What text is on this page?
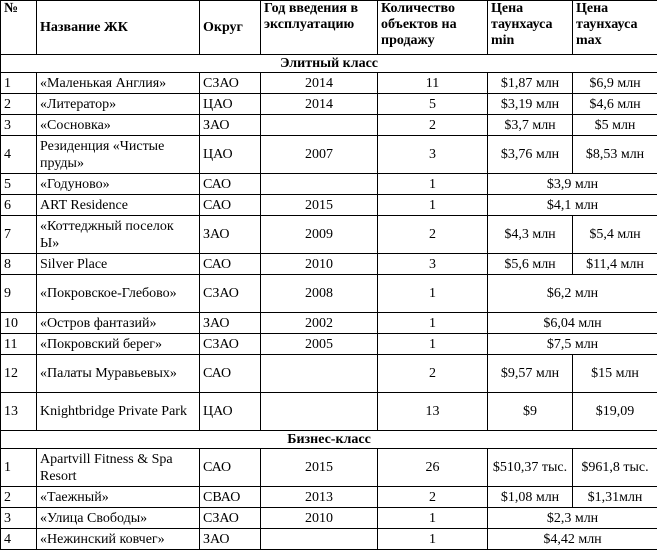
№	Название ЖК	Округ	Год введения в эксплуатацию	Количество объектов на продажу	Цена таунхауса min	Цена таунхауса max
Элитный класс						
1	«Маленькая Англия»	СЗАО	2014	11	$1,87 млн	$6,9 млн
2	«Литератор»	ЦАО	2014	5	$3,19 млн	$4,6 млн
3	«Сосновка»	ЗАО		2	$3,7 млн	$5 млн
4	Резиденция «Чистые пруды»	ЦАО	2007	3	$3,76 млн	$8,53 млн
5	«Годуново»	САО		1	$3,9 млн	
6	ART Residence	САО	2015	1	$4,1 млн	
7	«Коттеджный поселок Ы»	ЗАО	2009	2	$4,3 млн	$5,4 млн
8	Silver Place	САО	2010	3	$5,6 млн	$11,4 млн
9	«Покровское-Глебово»	СЗАО	2008	1	$6,2 млн	
10	«Остров фантазий»	ЗАО	2002	1	$6,04 млн	
11	«Покровский берег»	СЗАО	2005	1	$7,5 млн	
12	«Палаты Муравьевых»	САО		2	$9,57 млн	$15 млн
13	Knightbridge Private Park	ЦАО		13	$9	$19,09
Бизнес-класс						
1	Apartvill Fitness & Spa Resort	САО	2015	26	$510,37 тыс.	$961,8 тыс.
2	«Таежный»	СВАО	2013	2	$1,08 млн	$1,31млн
3	«Улица Свободы»	СЗАО	2010	1	$2,3 млн	
4	«Нежинский ковчег»	ЗАО		1	$4,42 млн	
